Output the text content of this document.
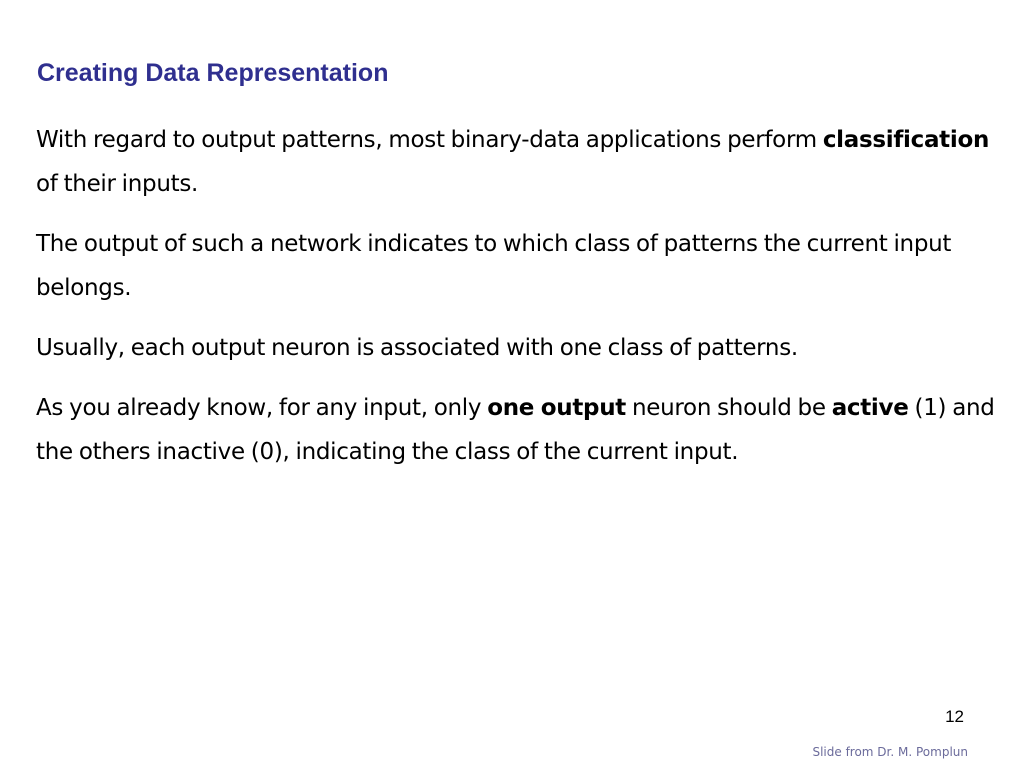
Creating Data Representation

With regard to output patterns, most binary-data applications perform classification of their inputs.

The output of such a network indicates to which class of patterns the current input belongs.

Usually, each output neuron is associated with one class of patterns.

As you already know, for any input, only one output neuron should be active (1) and the others inactive (0), indicating the class of the current input.

12
Slide from Dr. M. Pomplun
